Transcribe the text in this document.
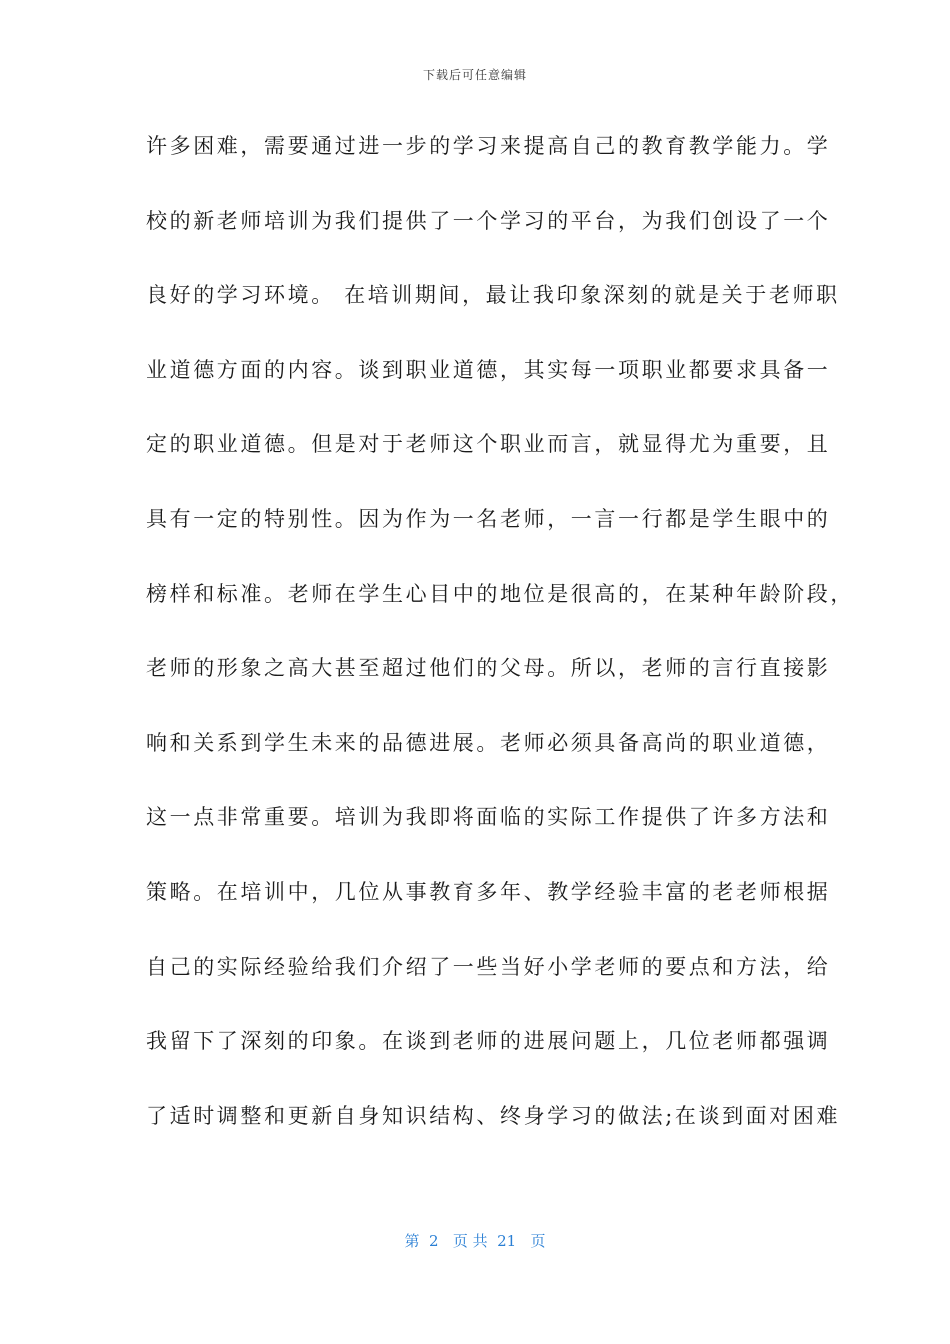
下载后可任意编辑
许多困难，需要通过进一步的学习来提高自己的教育教学能力。学
校的新老师培训为我们提供了一个学习的平台，为我们创设了一个
良好的学习环境。 在培训期间，最让我印象深刻的就是关于老师职
业道德方面的内容。谈到职业道德，其实每一项职业都要求具备一
定的职业道德。但是对于老师这个职业而言，就显得尤为重要，且
具有一定的特别性。因为作为一名老师，一言一行都是学生眼中的
榜样和标准。老师在学生心目中的地位是很高的，在某种年龄阶段，
老师的形象之高大甚至超过他们的父母。所以，老师的言行直接影
响和关系到学生未来的品德进展。老师必须具备高尚的职业道德，
这一点非常重要。培训为我即将面临的实际工作提供了许多方法和
策略。在培训中，几位从事教育多年、教学经验丰富的老老师根据
自己的实际经验给我们介绍了一些当好小学老师的要点和方法，给
我留下了深刻的印象。在谈到老师的进展问题上，几位老师都强调
了适时调整和更新自身知识结构、终身学习的做法;在谈到面对困难
第  2   页 共  21   页
